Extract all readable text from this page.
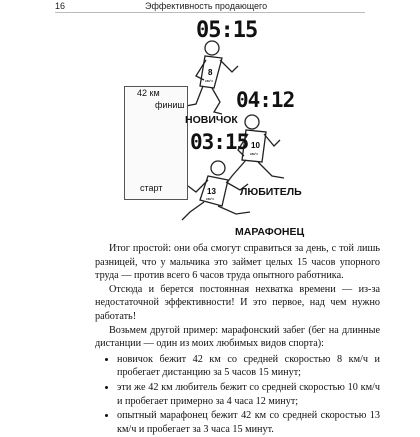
16	Эффективность продающего
8
км/ч
10
км/ч
13
км/ч
42 км
финиш
старт
05:15
04:12
03:15
НОВИЧОК
ЛЮБИТЕЛЬ
МАРАФОНЕЦ

Итог простой: они оба смогут справиться за день, с той лишь разницей, что у мальчика это займет целых 15 часов упорного труда — против всего 6 часов труда опытного работника.

Отсюда и берется постоянная нехватка времени — из-за недостаточной эффективности! И это первое, над чем нужно работать!

Возьмем другой пример: марафонский забег (бег на длинные дистанции — один из моих любимых видов спорта):

• новичок бежит 42 км со средней скоростью 8 км/ч и пробегает дистанцию за 5 часов 15 минут;
• эти же 42 км любитель бежит со средней скоростью 10 км/ч и пробегает примерно за 4 часа 12 минут;
• опытный марафонец бежит 42 км со средней скоростью 13 км/ч и пробегает за 3 часа 15 минут.
